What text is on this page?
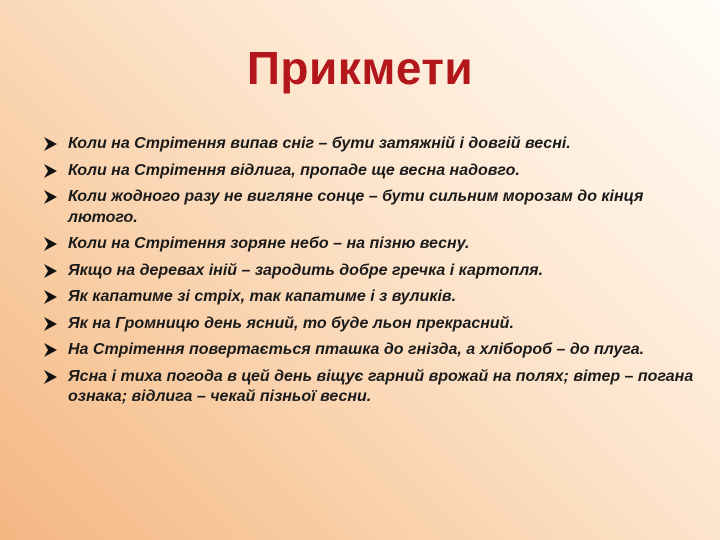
Прикмети
Коли на Стрітення випав сніг – бути затяжній і довгій весні.
Коли на Стрітення відлига, пропаде ще весна надовго.
Коли жодного разу не вигляне сонце – бути сильним морозам до кінця лютого.
Коли на Стрітення зоряне небо – на пізню весну.
Якщо на деревах іній – зародить добре гречка і картопля.
Як капатиме зі стріх, так капатиме і з вуликів.
Як на Громницю день ясний, то буде льон прекрасний.
На Стрітення повертається пташка до гнізда, а хлібороб – до плуга.
Ясна і тиха погода в цей день віщує гарний врожай на полях; вітер – погана ознака; відлига – чекай пізньої весни.
